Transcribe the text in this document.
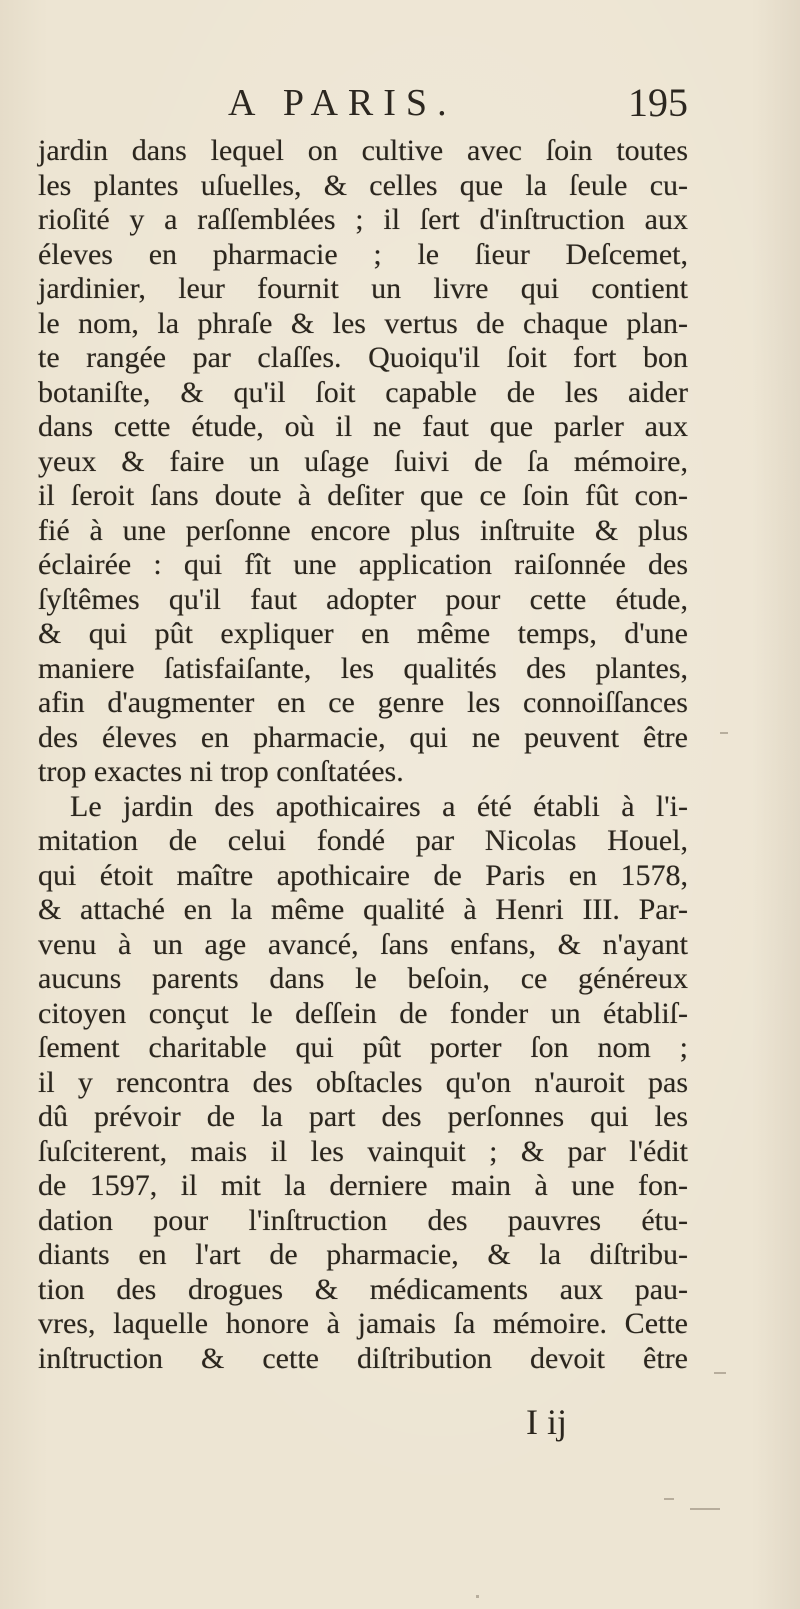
A PARIS.	195
jardin dans lequel on cultive avec ſoin toutes
les plantes uſuelles, & celles que la ſeule cu-
rioſité y a raſſemblées ; il ſert d'inſtruction aux
éleves en pharmacie ; le ſieur Deſcemet,
jardinier, leur fournit un livre qui contient
le nom, la phraſe & les vertus de chaque plan-
te rangée par claſſes. Quoiqu'il ſoit fort bon
botaniſte, & qu'il ſoit capable de les aider
dans cette étude, où il ne faut que parler aux
yeux & faire un uſage ſuivi de ſa mémoire,
il ſeroit ſans doute à deſiter que ce ſoin fût con-
fié à une perſonne encore plus inſtruite & plus
éclairée : qui fît une application raiſonnée des
ſyſtêmes qu'il faut adopter pour cette étude,
& qui pût expliquer en même temps, d'une
maniere ſatisfaiſante, les qualités des plantes,
afin d'augmenter en ce genre les connoiſſances
des éleves en pharmacie, qui ne peuvent être
trop exactes ni trop conſtatées.
Le jardin des apothicaires a été établi à l'i-
mitation de celui fondé par Nicolas Houel,
qui étoit maître apothicaire de Paris en 1578,
& attaché en la même qualité à Henri III. Par-
venu à un age avancé, ſans enfans, & n'ayant
aucuns parents dans le beſoin, ce généreux
citoyen conçut le deſſein de fonder un établiſ-
ſement charitable qui pût porter ſon nom ;
il y rencontra des obſtacles qu'on n'auroit pas
dû prévoir de la part des perſonnes qui les
ſuſciterent, mais il les vainquit ; & par l'édit
de 1597, il mit la derniere main à une fon-
dation pour l'inſtruction des pauvres étu-
diants en l'art de pharmacie, & la diſtribu-
tion des drogues & médicaments aux pau-
vres, laquelle honore à jamais ſa mémoire. Cette
inſtruction & cette diſtribution devoit être
I ij
